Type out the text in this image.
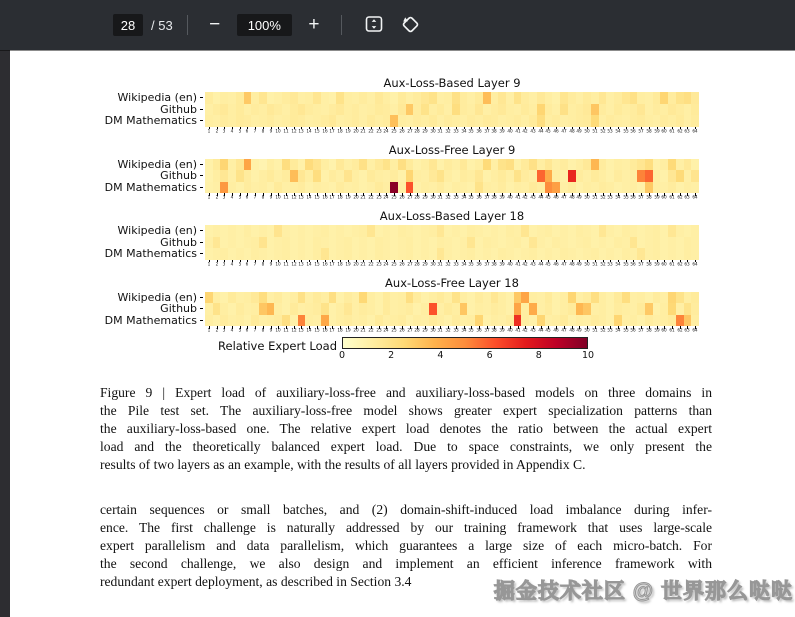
28	/ 53 −	100%	+
Aux-Loss-Based Layer 9
Wikipedia (en)
Github
DM Mathematics
1 2 3 4 5 6 7 8 9 10 11 12 13 14 15 16 17 18 19 20 21 22 23 24 25 26 27 28 29 30 31 32 33 34 35 36 37 38 39 40 41 42 43 44 45 46 47 48 49 50 51 52 53 54 55 56 57 58 59 60 61 62 63 64
Aux-Loss-Free Layer 9
Wikipedia (en)
Github
DM Mathematics
1 2 3 4 5 6 7 8 9 10 11 12 13 14 15 16 17 18 19 20 21 22 23 24 25 26 27 28 29 30 31 32 33 34 35 36 37 38 39 40 41 42 43 44 45 46 47 48 49 50 51 52 53 54 55 56 57 58 59 60 61 62 63 64
Aux-Loss-Based Layer 18
Wikipedia (en)
Github
DM Mathematics
1 2 3 4 5 6 7 8 9 10 11 12 13 14 15 16 17 18 19 20 21 22 23 24 25 26 27 28 29 30 31 32 33 34 35 36 37 38 39 40 41 42 43 44 45 46 47 48 49 50 51 52 53 54 55 56 57 58 59 60 61 62 63 64
Aux-Loss-Free Layer 18
Wikipedia (en)
Github
DM Mathematics
1 2 3 4 5 6 7 8 9 10 11 12 13 14 15 16 17 18 19 20 21 22 23 24 25 26 27 28 29 30 31 32 33 34 35 36 37 38 39 40 41 42 43 44 45 46 47 48 49 50 51 52 53 54 55 56 57 58 59 60 61 62 63 64
Relative Expert Load
0	2	4	6	8	10
Figure 9 | Expert load of auxiliary-loss-free and auxiliary-loss-based models on three domains in
the Pile test set. The auxiliary-loss-free model shows greater expert specialization patterns than
the auxiliary-loss-based one. The relative expert load denotes the ratio between the actual expert
load and the theoretically balanced expert load. Due to space constraints, we only present the
results of two layers as an example, with the results of all layers provided in Appendix C.
certain sequences or small batches, and (2) domain-shift-induced load imbalance during infer-
ence. The first challenge is naturally addressed by our training framework that uses large-scale
expert parallelism and data parallelism, which guarantees a large size of each micro-batch. For
the second challenge, we also design and implement an efficient inference framework with
redundant expert deployment, as described in Section 3.4	掘金技术社区 @ 世界那么哒哒
